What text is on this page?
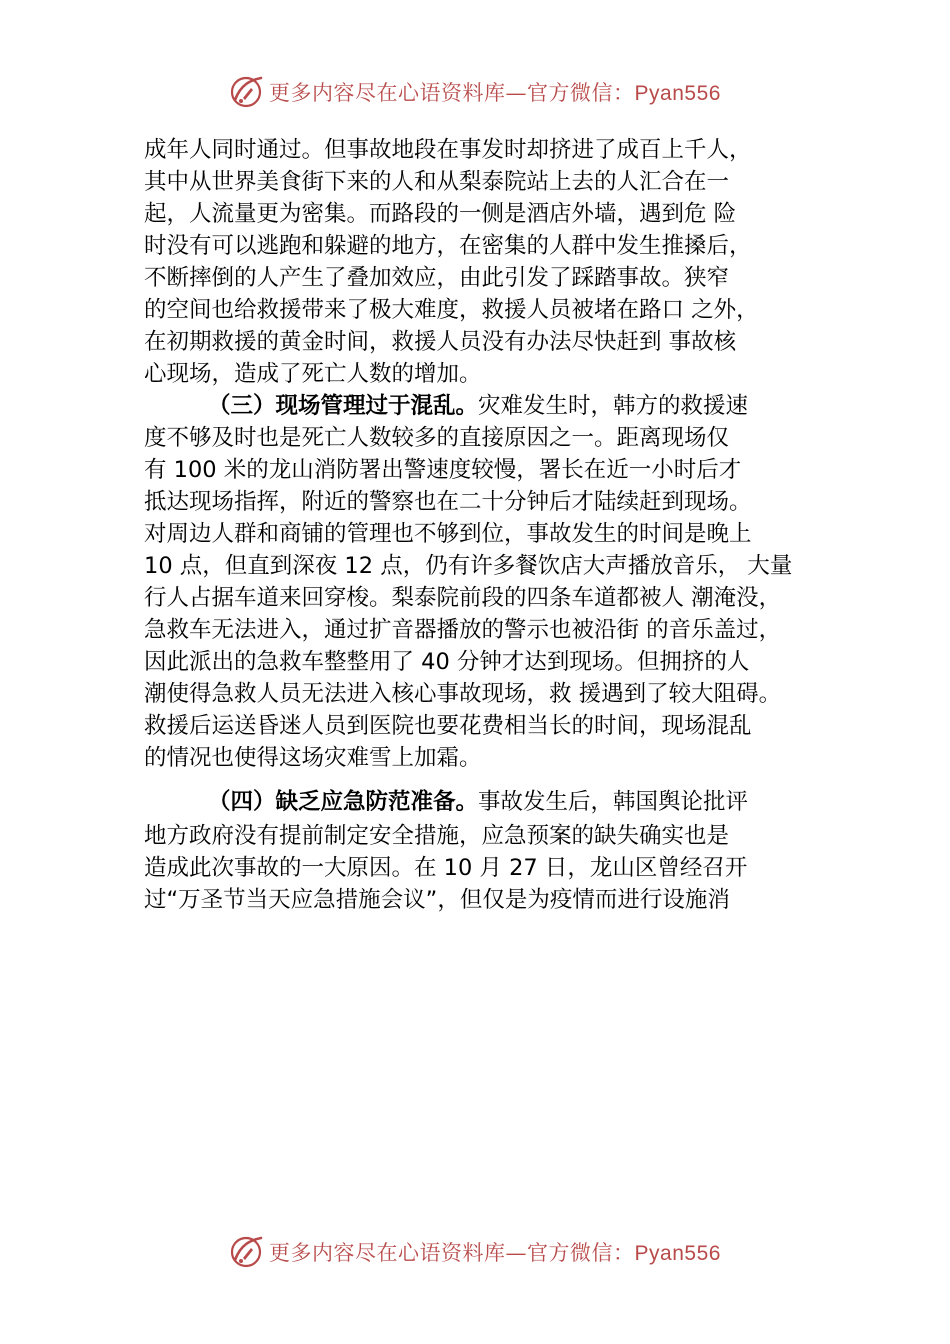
更多内容尽在心语资料库—官方微信：Pyan556
成年人同时通过。但事故地段在事发时却挤进了成百上千人，
其中从世界美食街下来的人和从梨泰院站上去的人汇合在一
起，人流量更为密集。而路段的一侧是酒店外墙，遇到危 险
时没有可以逃跑和躲避的地方，在密集的人群中发生推搡后，
不断摔倒的人产生了叠加效应，由此引发了踩踏事故。狭窄
的空间也给救援带来了极大难度，救援人员被堵在路口 之外，
在初期救援的黄金时间，救援人员没有办法尽快赶到 事故核
心现场，造成了死亡人数的增加。
（三）现场管理过于混乱。灾难发生时，韩方的救援速
度不够及时也是死亡人数较多的直接原因之一。距离现场仅
有 100 米的龙山消防署出警速度较慢，署长在近一小时后才
抵达现场指挥，附近的警察也在二十分钟后才陆续赶到现场。
对周边人群和商铺的管理也不够到位，事故发生的时间是晚上
10 点，但直到深夜 12 点，仍有许多餐饮店大声播放音乐， 大量
行人占据车道来回穿梭。梨泰院前段的四条车道都被人 潮淹没，
急救车无法进入，通过扩音器播放的警示也被沿街 的音乐盖过，
因此派出的急救车整整用了 40 分钟才达到现场。但拥挤的人
潮使得急救人员无法进入核心事故现场，救 援遇到了较大阻碍。
救援后运送昏迷人员到医院也要花费相当长的时间，现场混乱
的情况也使得这场灾难雪上加霜。
（四）缺乏应急防范准备。事故发生后，韩国舆论批评
地方政府没有提前制定安全措施，应急预案的缺失确实也是
造成此次事故的一大原因。在 10 月 27 日，龙山区曾经召开
过“万圣节当天应急措施会议”，但仅是为疫情而进行设施消
更多内容尽在心语资料库—官方微信：Pyan556
